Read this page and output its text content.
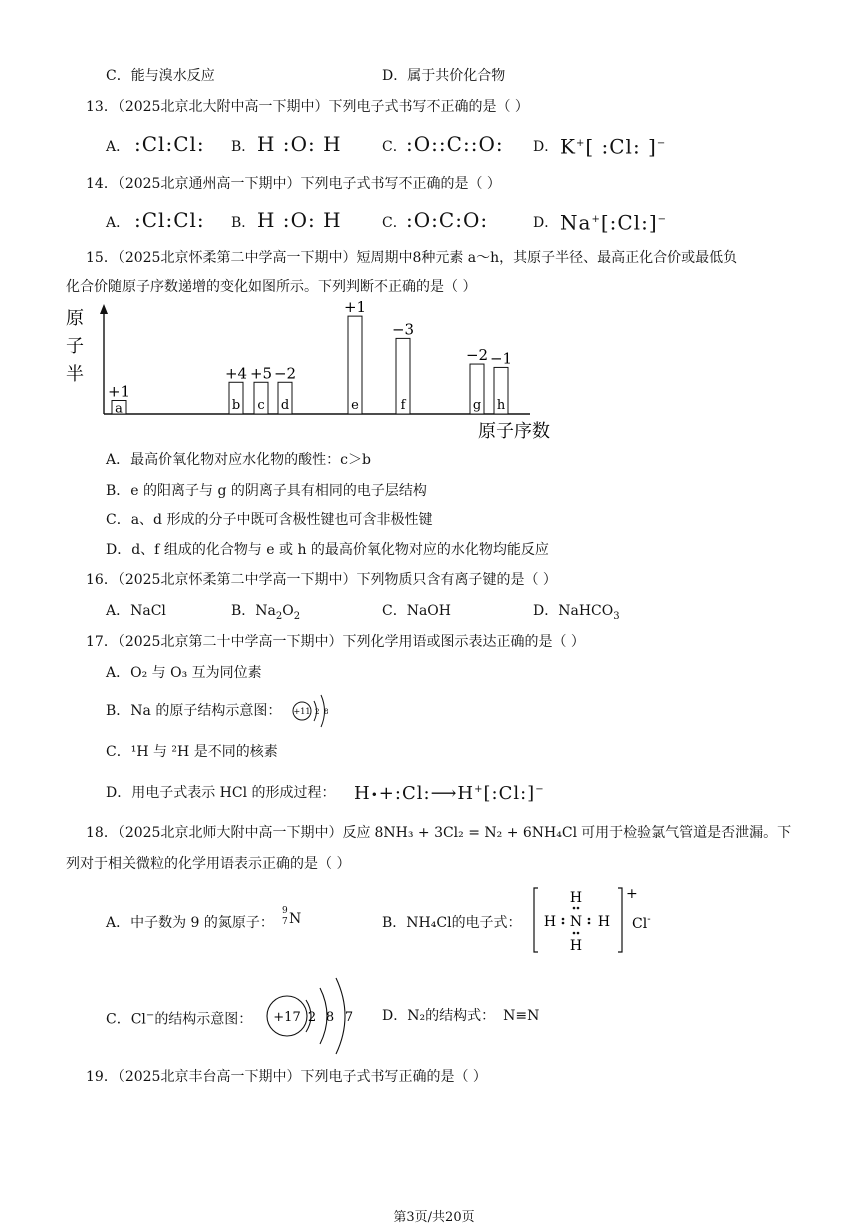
C．能与溴水反应	D．属于共价化合物
13．（2025北京北大附中高一下期中）下列电子式书写不正确的是（ ）
A． :Cl:Cl: B． H :O: H	C． :O::C::O: D． K+[ :Cl: ]−
14．（2025北京通州高一下期中）下列电子式书写不正确的是（ ）
A． :Cl:Cl: B． H :O: H	C． :O:C:O:	D． Na+[:Cl:]−
15．（2025北京怀柔第二中学高一下期中）短周期中8种元素 a～h，其原子半径、最高正化合价或最低负
化合价随原子序数递增的变化如图所示。下列判断不正确的是（ ）
原
子
半
原子序数
a
+1
b
+4
c
+5
d
−2
e
+1
f
−3
g
−2
h
−1
A．最高价氧化物对应水化物的酸性：c＞b
B．e 的阳离子与 g 的阴离子具有相同的电子层结构
C．a、d 形成的分子中既可含极性键也可含非极性键
D．d、f 组成的化合物与 e 或 h 的最高价氧化物对应的水化物均能反应
16．（2025北京怀柔第二中学高一下期中）下列物质只含有离子键的是（ ）
A．NaCl	B．$Na_2O_2$	C．NaOH	D．NaHCO$_3$
17．（2025北京第二十中学高一下期中）下列化学用语或图示表达正确的是（ ）
A．O₂ 与 O₃ 互为同位素
B．Na 的原子结构示意图： +11 2 8
C．¹H 与 ²H 是不同的核素
D．用电子式表示 HCl 的形成过程： H•+:Cl:⟶H+[:Cl:]−
18．（2025北京北师大附中高一下期中）反应 8NH₃ + 3Cl₂ = N₂ + 6NH₄Cl 可用于检验氯气管道是否泄漏。下
列对于相关微粒的化学用语表示正确的是（ ）
A．中子数为 9 的氮原子：
9
7 N	B．NH₄Cl的电子式：
H
H N H
H
+
Cl-
C．Cl−的结构示意图： +17 2 8 7 D．N₂的结构式： N≡N
19．（2025北京丰台高一下期中）下列电子式书写正确的是（ ）
第3页/共20页
